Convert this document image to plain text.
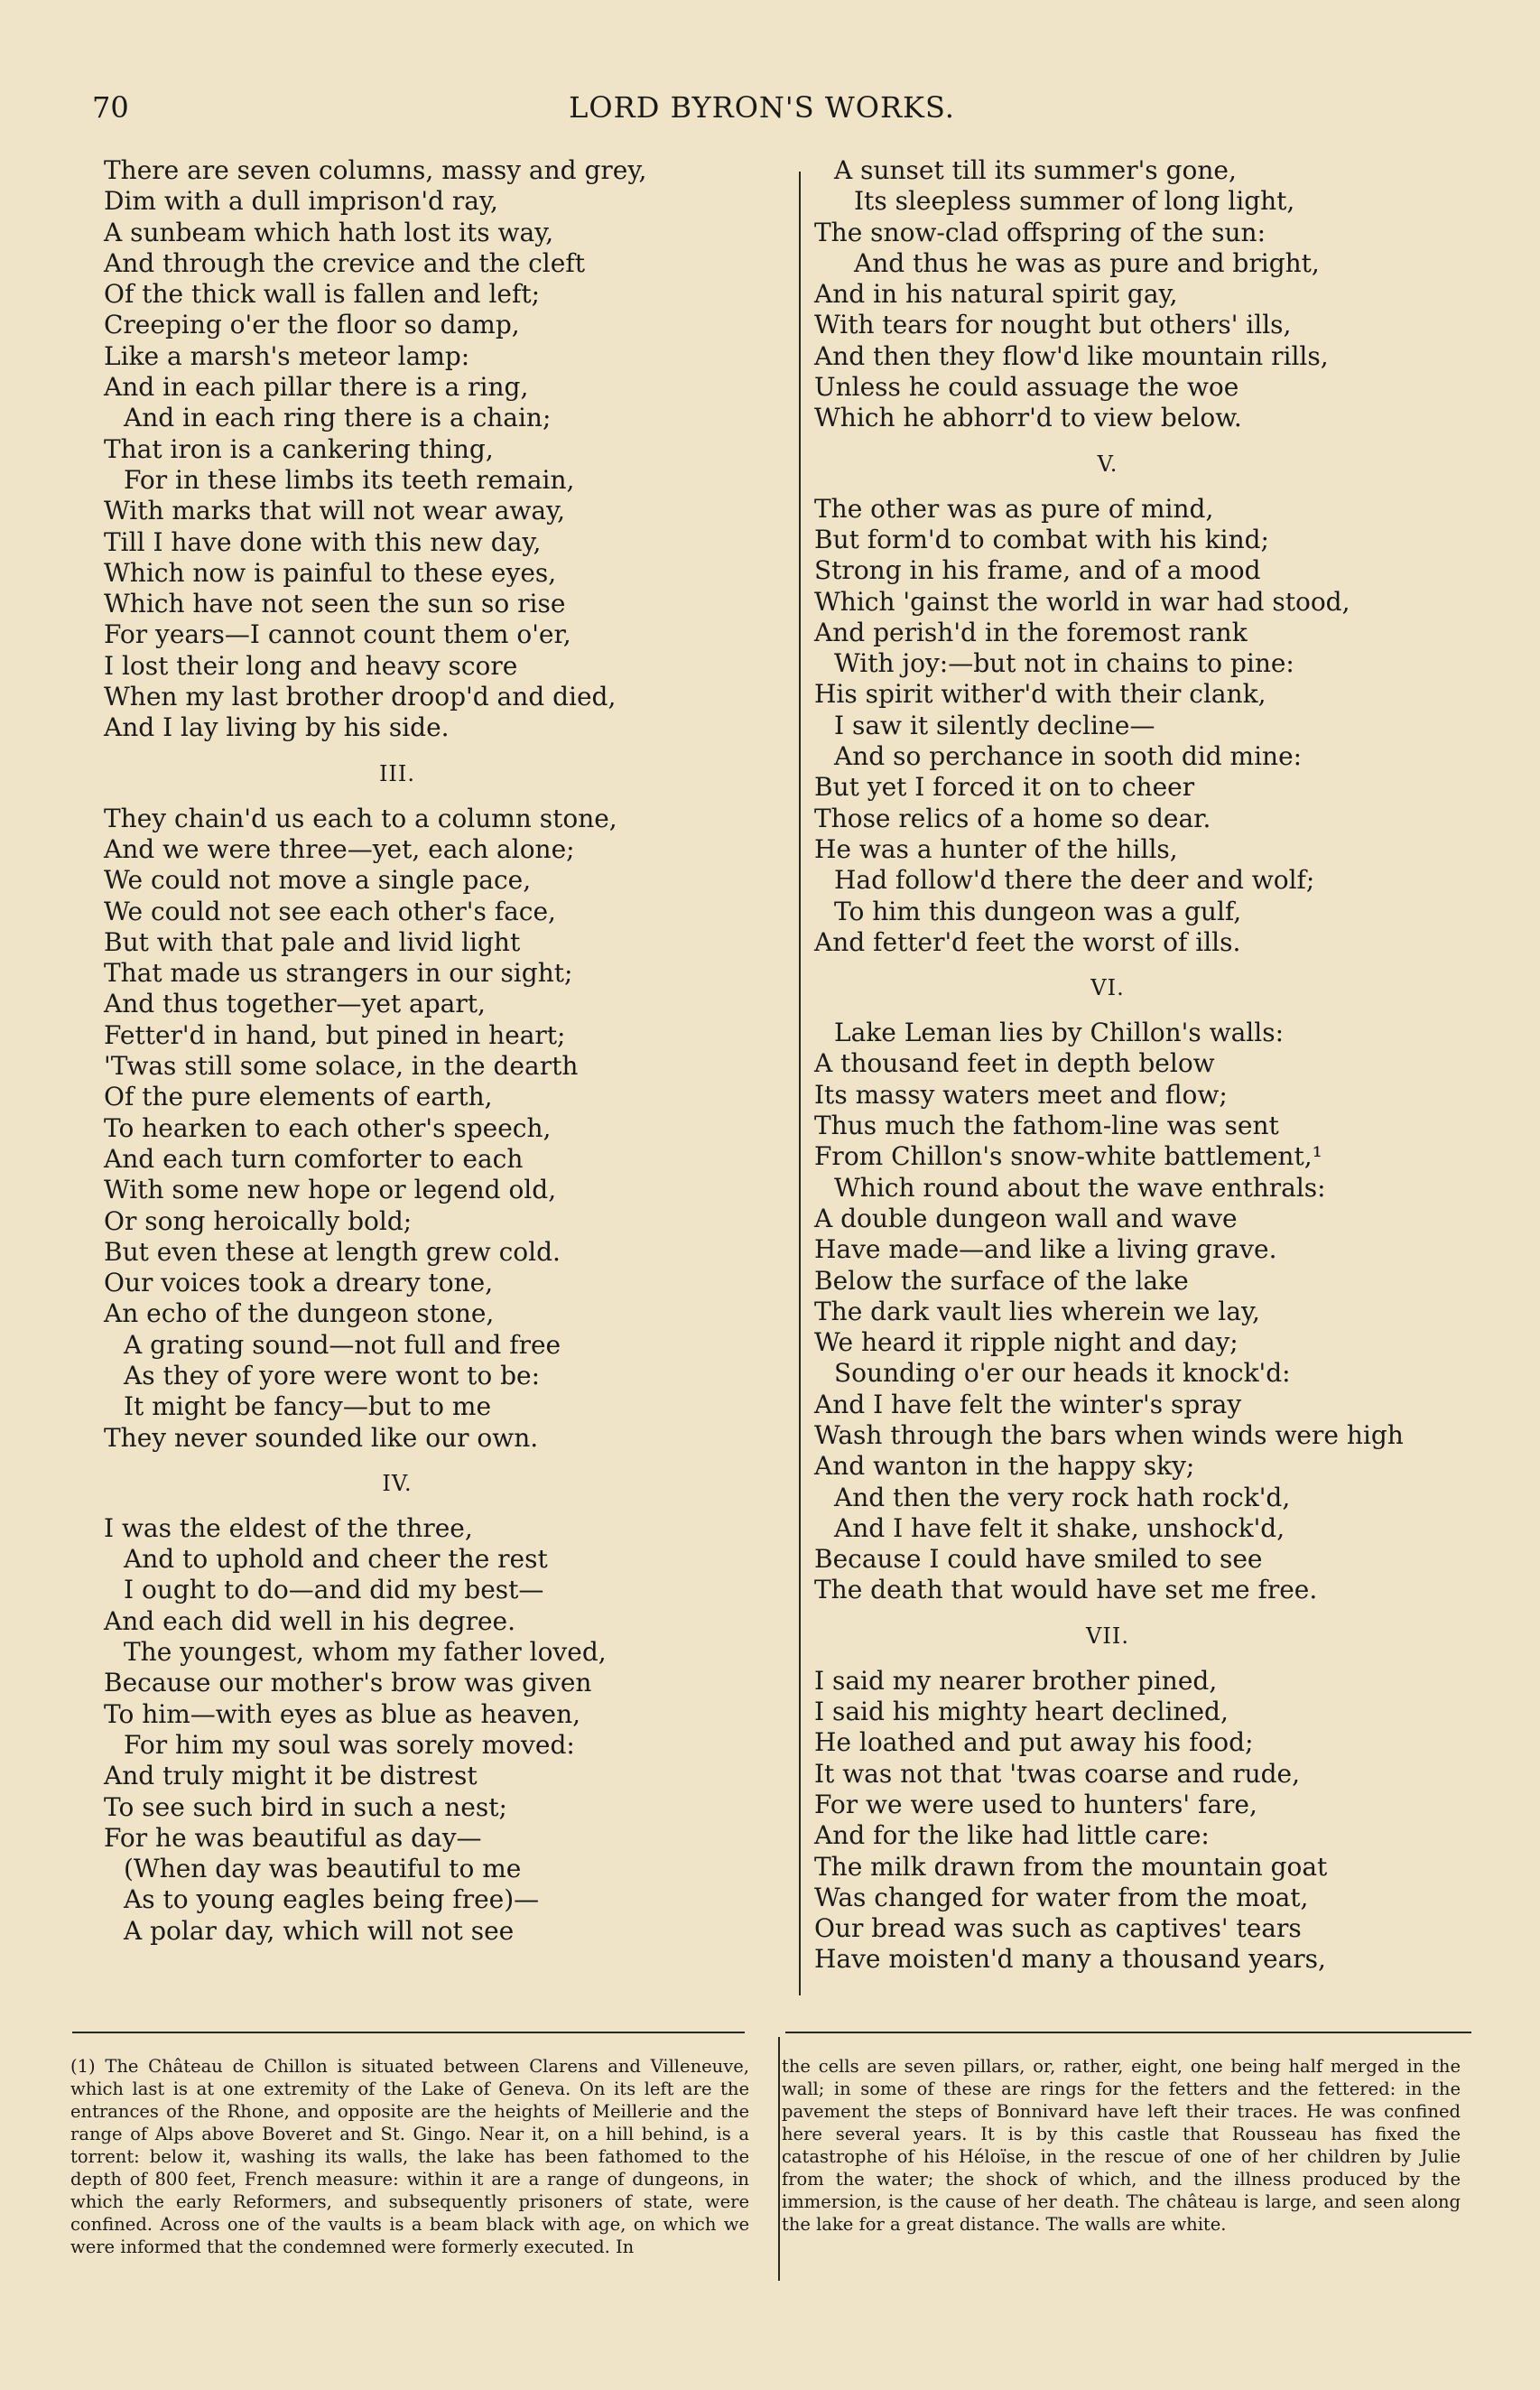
70	LORD BYRON'S WORKS.
There are seven columns, massy and grey,
Dim with a dull imprison'd ray,
A sunbeam which hath lost its way,
And through the crevice and the cleft
Of the thick wall is fallen and left;
Creeping o'er the floor so damp,
Like a marsh's meteor lamp:
And in each pillar there is a ring,
And in each ring there is a chain;
That iron is a cankering thing,
For in these limbs its teeth remain,
With marks that will not wear away,
Till I have done with this new day,
Which now is painful to these eyes,
Which have not seen the sun so rise
For years—I cannot count them o'er,
I lost their long and heavy score
When my last brother droop'd and died,
And I lay living by his side.
III.
They chain'd us each to a column stone,
And we were three—yet, each alone;
We could not move a single pace,
We could not see each other's face,
But with that pale and livid light
That made us strangers in our sight;
And thus together—yet apart,
Fetter'd in hand, but pined in heart;
'Twas still some solace, in the dearth
Of the pure elements of earth,
To hearken to each other's speech,
And each turn comforter to each
With some new hope or legend old,
Or song heroically bold;
But even these at length grew cold.
Our voices took a dreary tone,
An echo of the dungeon stone,
A grating sound—not full and free
As they of yore were wont to be:
It might be fancy—but to me
They never sounded like our own.
IV.
I was the eldest of the three,
And to uphold and cheer the rest
I ought to do—and did my best—
And each did well in his degree.
The youngest, whom my father loved,
Because our mother's brow was given
To him—with eyes as blue as heaven,
For him my soul was sorely moved:
And truly might it be distrest
To see such bird in such a nest;
For he was beautiful as day—
(When day was beautiful to me
As to young eagles being free)—
A polar day, which will not see
A sunset till its summer's gone,
Its sleepless summer of long light,
The snow-clad offspring of the sun:
And thus he was as pure and bright,
And in his natural spirit gay,
With tears for nought but others' ills,
And then they flow'd like mountain rills,
Unless he could assuage the woe
Which he abhorr'd to view below.
V.
The other was as pure of mind,
But form'd to combat with his kind;
Strong in his frame, and of a mood
Which 'gainst the world in war had stood,
And perish'd in the foremost rank
With joy:—but not in chains to pine:
His spirit wither'd with their clank,
I saw it silently decline—
And so perchance in sooth did mine:
But yet I forced it on to cheer
Those relics of a home so dear.
He was a hunter of the hills,
Had follow'd there the deer and wolf;
To him this dungeon was a gulf,
And fetter'd feet the worst of ills.
VI.
Lake Leman lies by Chillon's walls:
A thousand feet in depth below
Its massy waters meet and flow;
Thus much the fathom-line was sent
From Chillon's snow-white battlement,¹
Which round about the wave enthrals:
A double dungeon wall and wave
Have made—and like a living grave.
Below the surface of the lake
The dark vault lies wherein we lay,
We heard it ripple night and day;
Sounding o'er our heads it knock'd:
And I have felt the winter's spray
Wash through the bars when winds were high
And wanton in the happy sky;
And then the very rock hath rock'd,
And I have felt it shake, unshock'd,
Because I could have smiled to see
The death that would have set me free.
VII.
I said my nearer brother pined,
I said his mighty heart declined,
He loathed and put away his food;
It was not that 'twas coarse and rude,
For we were used to hunters' fare,
And for the like had little care:
The milk drawn from the mountain goat
Was changed for water from the moat,
Our bread was such as captives' tears
Have moisten'd many a thousand years,
(1) The Château de Chillon is situated between Clarens and Villeneuve, which last is at one extremity of the Lake of Geneva. On its left are the entrances of the Rhone, and opposite are the heights of Meillerie and the range of Alps above Boveret and St. Gingo. Near it, on a hill behind, is a torrent: below it, washing its walls, the lake has been fathomed to the depth of 800 feet, French measure: within it are a range of dungeons, in which the early Reformers, and subsequently prisoners of state, were confined. Across one of the vaults is a beam black with age, on which we were informed that the condemned were formerly executed. In
the cells are seven pillars, or, rather, eight, one being half merged in the wall; in some of these are rings for the fetters and the fettered: in the pavement the steps of Bonnivard have left their traces. He was confined here several years. It is by this castle that Rousseau has fixed the catastrophe of his Héloïse, in the rescue of one of her children by Julie from the water; the shock of which, and the illness produced by the immersion, is the cause of her death. The château is large, and seen along the lake for a great distance. The walls are white.
